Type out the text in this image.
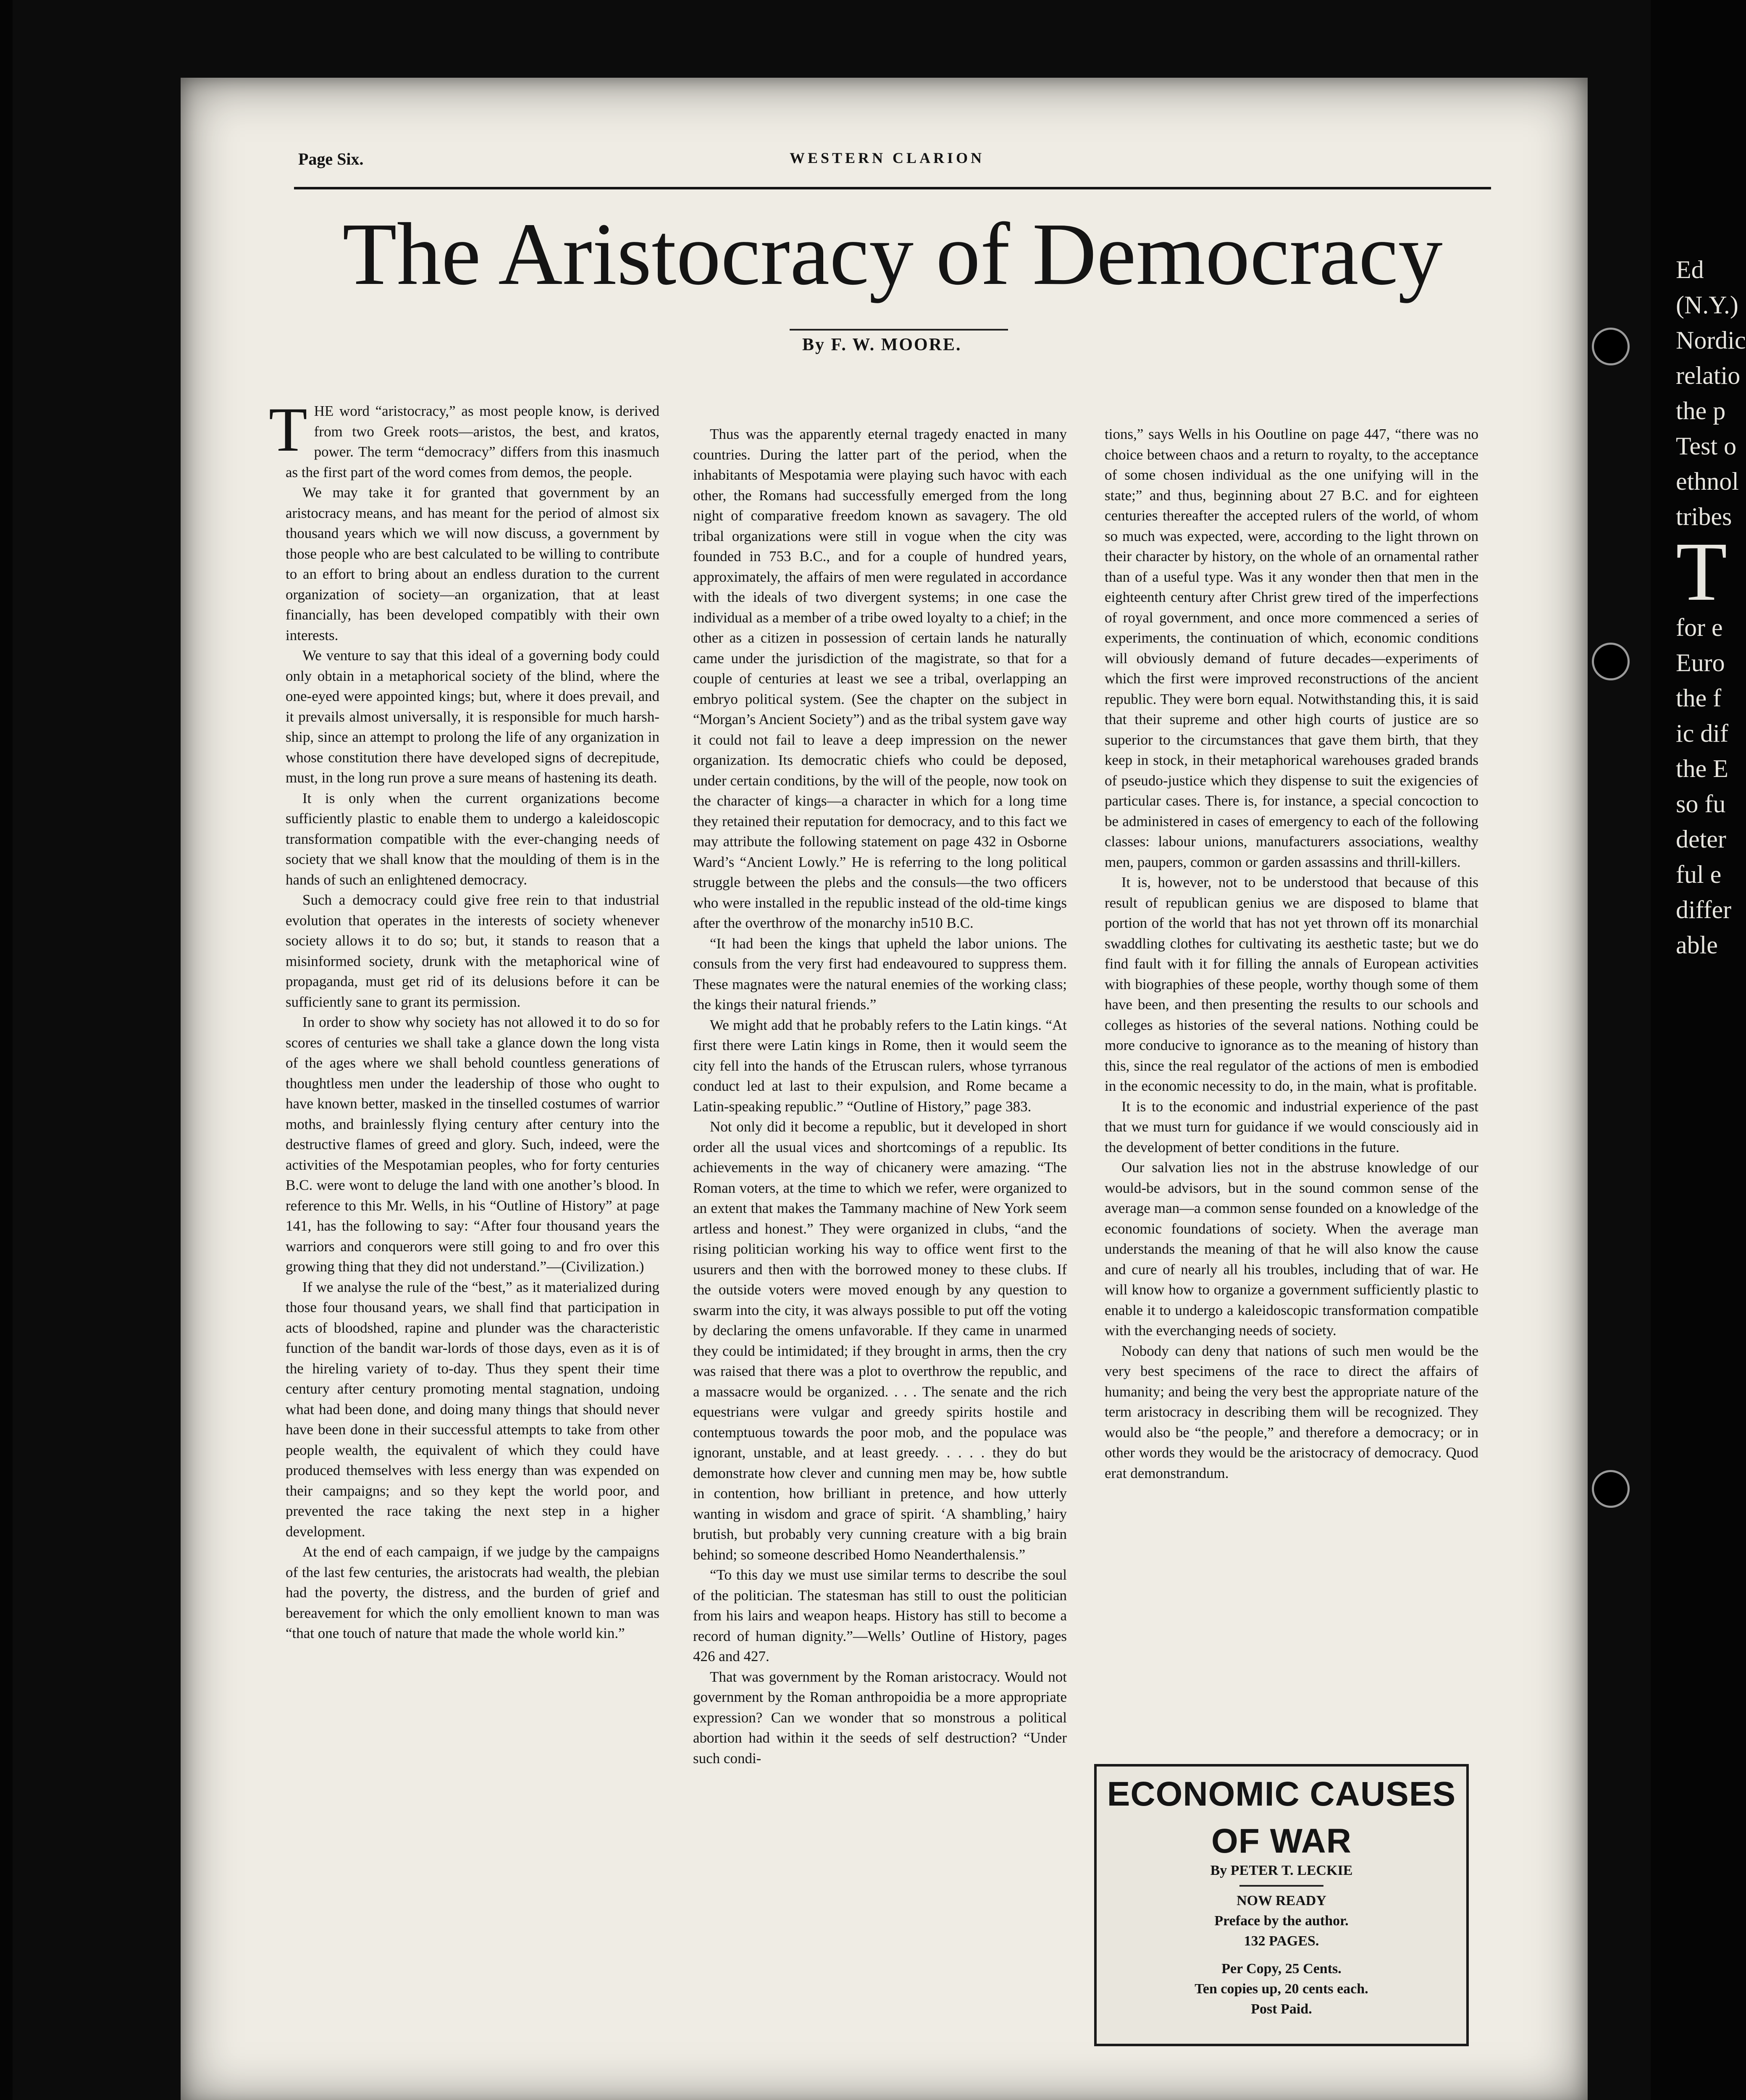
Page Six.	WESTERN CLARION
The Aristocracy of Democracy
By F. W. MOORE.
T HE word “aristocracy,” as most people know, is derived from two Greek roots—aristos, the best, and kratos, power. The term “democracy” differs from this inasmuch as the first part of the word comes from demos, the people.

We may take it for granted that government by an aristocracy means, and has meant for the period of almost six thousand years which we will now discuss, a government by those people who are best calculated to be willing to contribute to an effort to bring about an endless duration to the current organization of society—an organization, that at least financially, has been developed compatibly with their own interests.

We venture to say that this ideal of a governing body could only obtain in a metaphorical society of the blind, where the one-eyed were appointed kings; but, where it does prevail, and it prevails almost universally, it is responsible for much harshship, since an attempt to prolong the life of any organization in whose constitution there have developed signs of decrepitude, must, in the long run prove a sure means of hastening its death.

It is only when the current organizations become sufficiently plastic to enable them to undergo a kaleidoscopic transformation compatible with the ever-changing needs of society that we shall know that the moulding of them is in the hands of such an enlightened democracy.

Such a democracy could give free rein to that industrial evolution that operates in the interests of society whenever society allows it to do so; but, it stands to reason that a misinformed society, drunk with the metaphorical wine of propaganda, must get rid of its delusions before it can be sufficiently sane to grant its permission.

In order to show why society has not allowed it to do so for scores of centuries we shall take a glance down the long vista of the ages where we shall behold countless generations of thoughtless men under the leadership of those who ought to have known better, masked in the tinselled costumes of warrior moths, and brainlessly flying century after century into the destructive flames of greed and glory. Such, indeed, were the activities of the Mespotamian peoples, who for forty centuries B.C. were wont to deluge the land with one another’s blood. In reference to this Mr. Wells, in his “Outline of History” at page 141, has the following to say: “After four thousand years the warriors and conquerors were still going to and fro over this growing thing that they did not understand.”—(Civilization.)

If we analyse the rule of the “best,” as it materialized during those four thousand years, we shall find that participation in acts of bloodshed, rapine and plunder was the characteristic function of the bandit war-lords of those days, even as it is of the hireling variety of to-day. Thus they spent their time century after century promoting mental stagnation, undoing what had been done, and doing many things that should never have been done in their successful attempts to take from other people wealth, the equivalent of which they could have produced themselves with less energy than was expended on their campaigns; and so they kept the world poor, and prevented the race taking the next step in a higher development.

At the end of each campaign, if we judge by the campaigns of the last few centuries, the aristocrats had wealth, the plebian had the poverty, the distress, and the burden of grief and bereavement for which the only emollient known to man was “that one touch of nature that made the whole world kin.”

Thus was the apparently eternal tragedy enacted in many countries. During the latter part of the period, when the inhabitants of Mespotamia were playing such havoc with each other, the Romans had successfully emerged from the long night of comparative freedom known as savagery. The old tribal organizations were still in vogue when the city was founded in 753 B.C., and for a couple of hundred years, approximately, the affairs of men were regulated in accordance with the ideals of two divergent systems; in one case the individual as a member of a tribe owed loyalty to a chief; in the other as a citizen in possession of certain lands he naturally came under the jurisdiction of the magistrate, so that for a couple of centuries at least we see a tribal, overlapping an embryo political system. (See the chapter on the subject in “Morgan’s Ancient Society”) and as the tribal system gave way it could not fail to leave a deep impression on the newer organization. Its democratic chiefs who could be deposed, under certain conditions, by the will of the people, now took on the character of kings—a character in which for a long time they retained their reputation for democracy, and to this fact we may attribute the following statement on page 432 in Osborne Ward’s “Ancient Lowly.” He is referring to the long political struggle between the plebs and the consuls—the two officers who were installed in the republic instead of the old-time kings after the overthrow of the monarchy in510 B.C.

“It had been the kings that upheld the labor unions. The consuls from the very first had endeavoured to suppress them. These magnates were the natural enemies of the working class; the kings their natural friends.”

We might add that he probably refers to the Latin kings. “At first there were Latin kings in Rome, then it would seem the city fell into the hands of the Etruscan rulers, whose tyrranous conduct led at last to their expulsion, and Rome became a Latin-speaking republic.” “Outline of History,” page 383.

Not only did it become a republic, but it developed in short order all the usual vices and shortcomings of a republic. Its achievements in the way of chicanery were amazing. “The Roman voters, at the time to which we refer, were organized to an extent that makes the Tammany machine of New York seem artless and honest.” They were organized in clubs, “and the rising politician working his way to office went first to the usurers and then with the borrowed money to these clubs. If the outside voters were moved enough by any question to swarm into the city, it was always possible to put off the voting by declaring the omens unfavorable. If they came in unarmed they could be intimidated; if they brought in arms, then the cry was raised that there was a plot to overthrow the republic, and a massacre would be organized. . . . The senate and the rich equestrians were vulgar and greedy spirits hostile and contemptuous towards the poor mob, and the populace was ignorant, unstable, and at least greedy. . . . . they do but demonstrate how clever and cunning men may be, how subtle in contention, how brilliant in pretence, and how utterly wanting in wisdom and grace of spirit. ‘A shambling,’ hairy brutish, but probably very cunning creature with a big brain behind; so someone described Homo Neanderthalensis.”

“To this day we must use similar terms to describe the soul of the politician. The statesman has still to oust the politician from his lairs and weapon heaps. History has still to become a record of human dignity.”—Wells’ Outline of History, pages 426 and 427.

That was government by the Roman aristocracy. Would not government by the Roman anthropoidia be a more appropriate expression? Can we wonder that so monstrous a political abortion had within it the seeds of self destruction? “Under such condi-

tions,” says Wells in his Ooutline on page 447, “there was no choice between chaos and a return to royalty, to the acceptance of some chosen individual as the one unifying will in the state;” and thus, beginning about 27 B.C. and for eighteen centuries thereafter the accepted rulers of the world, of whom so much was expected, were, according to the light thrown on their character by history, on the whole of an ornamental rather than of a useful type. Was it any wonder then that men in the eighteenth century after Christ grew tired of the imperfections of royal government, and once more commenced a series of experiments, the continuation of which, economic conditions will obviously demand of future decades—experiments of which the first were improved reconstructions of the ancient republic. They were born equal. Notwithstanding this, it is said that their supreme and other high courts of justice are so superior to the circumstances that gave them birth, that they keep in stock, in their metaphorical warehouses graded brands of pseudo-justice which they dispense to suit the exigencies of particular cases. There is, for instance, a special concoction to be administered in cases of emergency to each of the following classes: labour unions, manufacturers associations, wealthy men, paupers, common or garden assassins and thrill-killers.

It is, however, not to be understood that because of this result of republican genius we are disposed to blame that portion of the world that has not yet thrown off its monarchial swaddling clothes for cultivating its aesthetic taste; but we do find fault with it for filling the annals of European activities with biographies of these people, worthy though some of them have been, and then presenting the results to our schools and colleges as histories of the several nations. Nothing could be more conducive to ignorance as to the meaning of history than this, since the real regulator of the actions of men is embodied in the economic necessity to do, in the main, what is profitable.

It is to the economic and industrial experience of the past that we must turn for guidance if we would consciously aid in the development of better conditions in the future.

Our salvation lies not in the abstruse knowledge of our would-be advisors, but in the sound common sense of the average man—a common sense founded on a knowledge of the economic foundations of society. When the average man understands the meaning of that he will also know the cause and cure of nearly all his troubles, including that of war. He will know how to organize a government sufficiently plastic to enable it to undergo a kaleidoscopic transformation compatible with the everchanging needs of society.

Nobody can deny that nations of such men would be the very best specimens of the race to direct the affairs of humanity; and being the very best the appropriate nature of the term aristocracy in describing them will be recognized. They would also be “the people,” and therefore a democracy; or in other words they would be the aristocracy of democracy. Quod erat demonstrandum.

ECONOMIC CAUSES
OF WAR
By PETER T. LECKIE
NOW READY
Preface by the author.
132 PAGES.
Per Copy, 25 Cents.
Ten copies up, 20 cents each.
Post Paid.
Ed
(N.Y.)
Nordic
relatio
the p
Test o
ethnol
tribes
T
for e
Euro
the f
ic dif
the E
so fu
deter
ful e
differ
able
